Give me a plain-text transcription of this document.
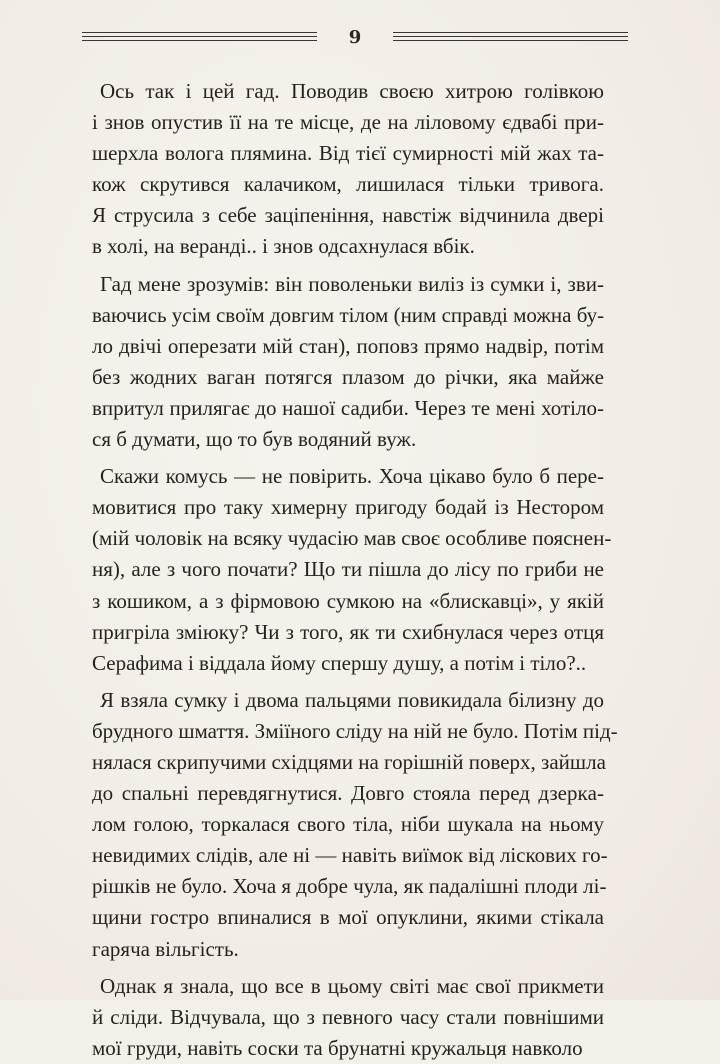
9
Ось так і цей гад. Поводив своєю хитрою голівкою
і знов опустив її на те місце, де на ліловому єдвабі при-
шерхла волога плямина. Від тієї сумирності мій жах та-
кож скрутився калачиком, лишилася тільки тривога.
Я струсила з себе заціпеніння, навстіж відчинила двері
в холі, на веранді.. і знов одсахнулася вбік.
Гад мене зрозумів: він поволеньки виліз із сумки і, зви-
ваючись усім своїм довгим тілом (ним справді можна бу-
ло двічі оперезати мій стан), поповз прямо надвір, потім
без жодних ваган потягся плазом до річки, яка майже
впритул прилягає до нашої садиби. Через те мені хотіло-
ся б думати, що то був водяний вуж.
Скажи комусь — не повірить. Хоча цікаво було б пере-
мовитися про таку химерну пригоду бодай із Нестором
(мій чоловік на всяку чудасію мав своє особливе пояснен-
ня), але з чого почати? Що ти пішла до лісу по гриби не
з кошиком, а з фірмовою сумкою на «блискавці», у якій
пригріла зміюку? Чи з того, як ти схибнулася через отця
Серафима і віддала йому спершу душу, а потім і тіло?..
Я взяла сумку і двома пальцями повикидала білизну до
брудного шмаття. Зміїного сліду на ній не було. Потім під-
нялася скрипучими східцями на горішній поверх, зайшла
до спальні перевдягнутися. Довго стояла перед дзеркa-
лом голою, торкалася свого тіла, ніби шукала на ньому
невидимих слідів, але ні — навіть виїмок від ліскових го-
рішків не було. Хоча я добре чула, як падалішні плоди лі-
щини гостро впиналися в мої опуклини, якими стікала
гаряча вільгість.
Однак я знала, що все в цьому світі має свої прикмети
й сліди. Відчувала, що з певного часу стали повнішими
мої груди, навіть соски та брунатні кружальця навколо
